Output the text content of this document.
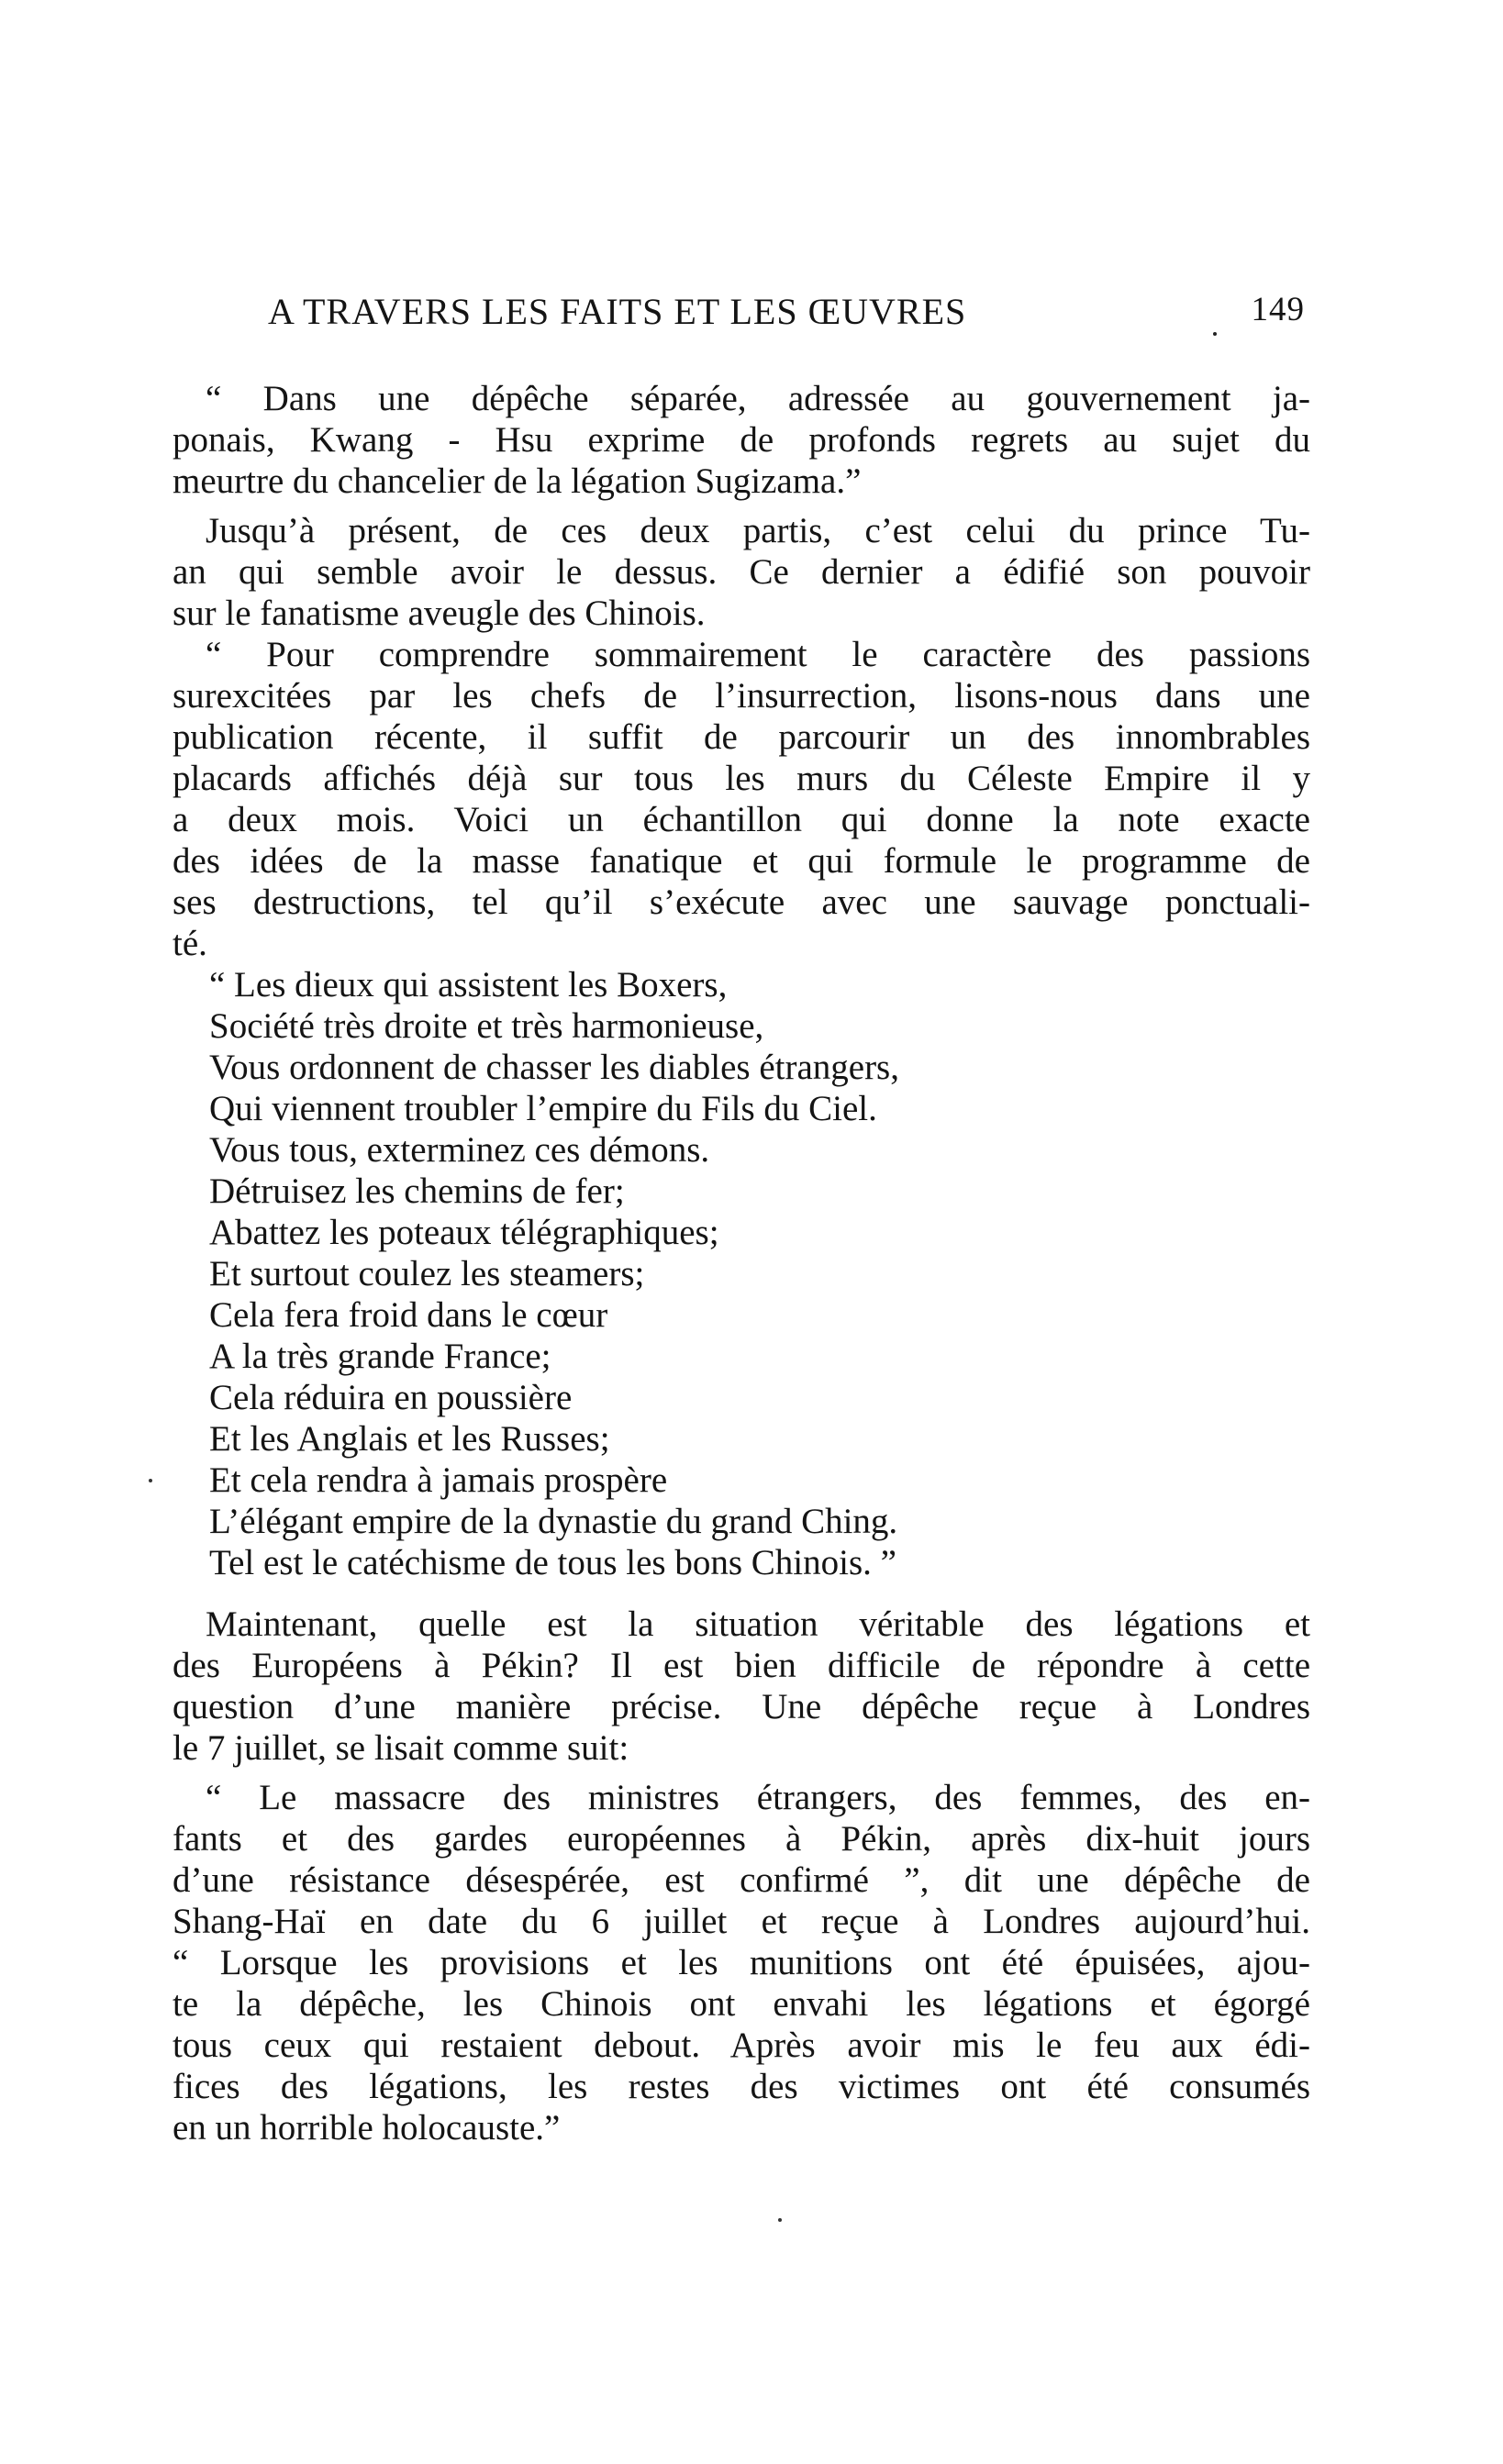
A TRAVERS LES FAITS ET LES ŒUVRES	149
“ Dans une dépêche séparée, adressée au gouvernement ja-
ponais, Kwang - Hsu exprime de profonds regrets au sujet du
meurtre du chancelier de la légation Sugizama.”
Jusqu’à présent, de ces deux partis, c’est celui du prince Tu-
an qui semble avoir le dessus. Ce dernier a édifié son pouvoir
sur le fanatisme aveugle des Chinois.
“ Pour comprendre sommairement le caractère des passions
surexcitées par les chefs de l’insurrection, lisons-nous dans une
publication récente, il suffit de parcourir un des innombrables
placards affichés déjà sur tous les murs du Céleste Empire il y
a deux mois. Voici un échantillon qui donne la note exacte
des idées de la masse fanatique et qui formule le programme de
ses destructions, tel qu’il s’exécute avec une sauvage ponctuali-
té.
“ Les dieux qui assistent les Boxers,
Société très droite et très harmonieuse,
Vous ordonnent de chasser les diables étrangers,
Qui viennent troubler l’empire du Fils du Ciel.
Vous tous, exterminez ces démons.
Détruisez les chemins de fer;
Abattez les poteaux télégraphiques;
Et surtout coulez les steamers;
Cela fera froid dans le cœur
A la très grande France;
Cela réduira en poussière
Et les Anglais et les Russes;
Et cela rendra à jamais prospère
L’élégant empire de la dynastie du grand Ching.
Tel est le catéchisme de tous les bons Chinois. ”
Maintenant, quelle est la situation véritable des légations et
des Européens à Pékin? Il est bien difficile de répondre à cette
question d’une manière précise. Une dépêche reçue à Londres
le 7 juillet, se lisait comme suit:
“ Le massacre des ministres étrangers, des femmes, des en-
fants et des gardes européennes à Pékin, après dix-huit jours
d’une résistance désespérée, est confirmé ”, dit une dépêche de
Shang-Haï en date du 6 juillet et reçue à Londres aujourd’hui.
“ Lorsque les provisions et les munitions ont été épuisées, ajou-
te la dépêche, les Chinois ont envahi les légations et égorgé
tous ceux qui restaient debout. Après avoir mis le feu aux édi-
fices des légations, les restes des victimes ont été consumés
en un horrible holocauste.”
